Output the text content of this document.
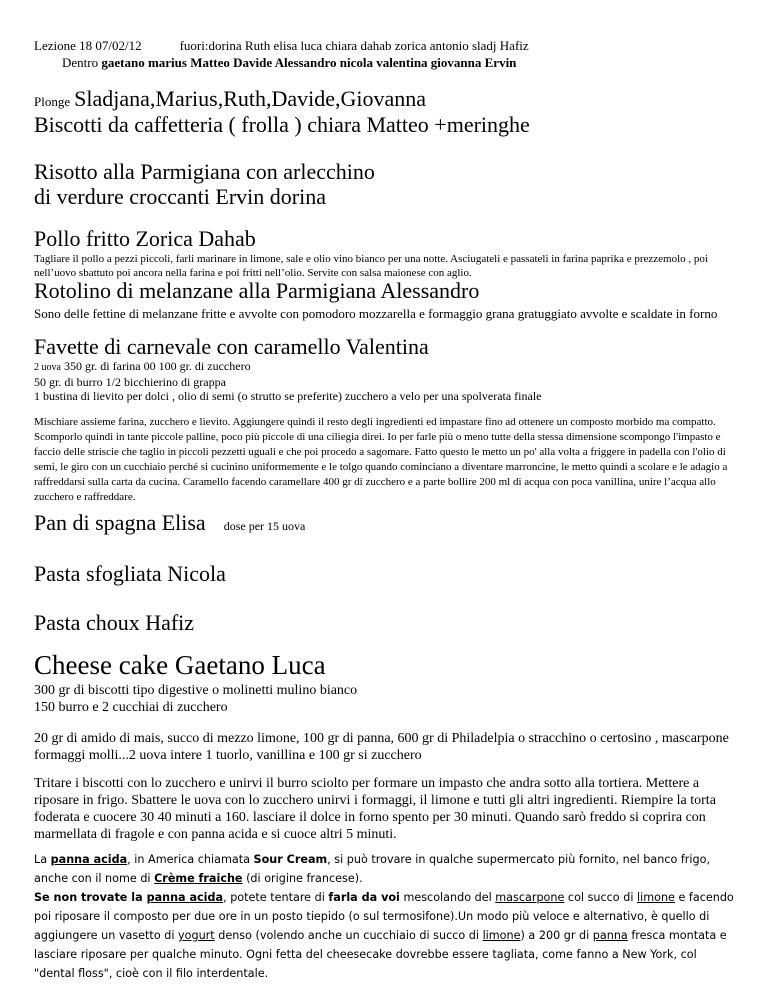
Lezione 18 07/02/12	fuori:dorina Ruth elisa luca chiara dahab zorica antonio sladj Hafiz
Dentro gaetano marius Matteo Davide Alessandro nicola valentina giovanna Ervin
Plonge Sladjana,Marius,Ruth,Davide,Giovanna
Biscotti da caffetteria ( frolla ) chiara Matteo +meringhe
Risotto alla Parmigiana con arlecchino
di verdure croccanti Ervin dorina
Pollo fritto Zorica Dahab
Tagliare il pollo a pezzi piccoli, farli marinare in limone, sale e olio vino bianco per una notte. Asciugateli e passateli in farina paprika e prezzemolo , poi nell’uovo sbattuto poi ancora nella farina e poi fritti nell’olio. Servite con salsa maionese con aglio.
Rotolino di melanzane alla Parmigiana Alessandro
Sono delle fettine di melanzane fritte e avvolte con pomodoro mozzarella e formaggio grana gratuggiato avvolte e scaldate in forno
Favette di carnevale con caramello Valentina
2 uova 350 gr. di farina 00 100 gr. di zucchero
50 gr. di burro 1/2 bicchierino di grappa
1 bustina di lievito per dolci , olio di semi (o strutto se preferite) zucchero a velo per una spolverata finale
Mischiare assieme farina, zucchero e lievito. Aggiungere quindi il resto degli ingredienti ed impastare fino ad ottenere un composto morbido ma compatto. Scomporlo quindi in tante piccole palline, poco più piccole di una ciliegia direi. Io per farle più o meno tutte della stessa dimensione scompongo l'impasto e faccio delle striscie che taglio in piccoli pezzetti uguali e che poi procedo a sagomare. Fatto questo le metto un po' alla volta a friggere in padella con l'olio di semi, le giro con un cucchiaio perché si cucinino uniformemente e le tolgo quando cominciano a diventare marroncine, le metto quindi a scolare e le adagio a raffreddarsi sulla carta da cucina. Caramello facendo caramellare 400 gr di zucchero e a parte bollire 200 ml di acqua con poca vanillina, unire l’acqua allo zucchero e raffreddare.
Pan di spagna Elisa dose per 15 uova
Pasta sfogliata Nicola
Pasta choux Hafiz
Cheese cake Gaetano Luca
300 gr di biscotti tipo digestive o molinetti mulino bianco
150 burro e 2 cucchiai di zucchero
20 gr di amido di mais, succo di mezzo limone, 100 gr di panna, 600 gr di Philadelpia o stracchino o certosino , mascarpone formaggi molli...2 uova intere 1 tuorlo, vanillina e 100 gr si zucchero
Tritare i biscotti con lo zucchero e unirvi il burro sciolto per formare un impasto che andra sotto alla tortiera. Mettere a riposare in frigo. Sbattere le uova con lo zucchero unirvi i formaggi, il limone e tutti gli altri ingredienti. Riempire la torta foderata e cuocere 30 40 minuti a 160. lasciare il dolce in forno spento per 30 minuti. Quando sarò freddo si coprira con marmellata di fragole e con panna acida e si cuoce altri 5 minuti.
La panna acida, in America chiamata Sour Cream, si può trovare in qualche supermercato più fornito, nel banco frigo, anche con il nome di Crème fraiche (di origine francese).
Se non trovate la panna acida, potete tentare di farla da voi mescolando del mascarpone col succo di limone e facendo poi riposare il composto per due ore in un posto tiepido (o sul termosifone).Un modo più veloce e alternativo, è quello di aggiungere un vasetto di yogurt denso (volendo anche un cucchiaio di succo di limone) a 200 gr di panna fresca montata e lasciare riposare per qualche minuto. Ogni fetta del cheesecake dovrebbe essere tagliata, come fanno a New York, col "dental floss", cioè con il filo interdentale.
